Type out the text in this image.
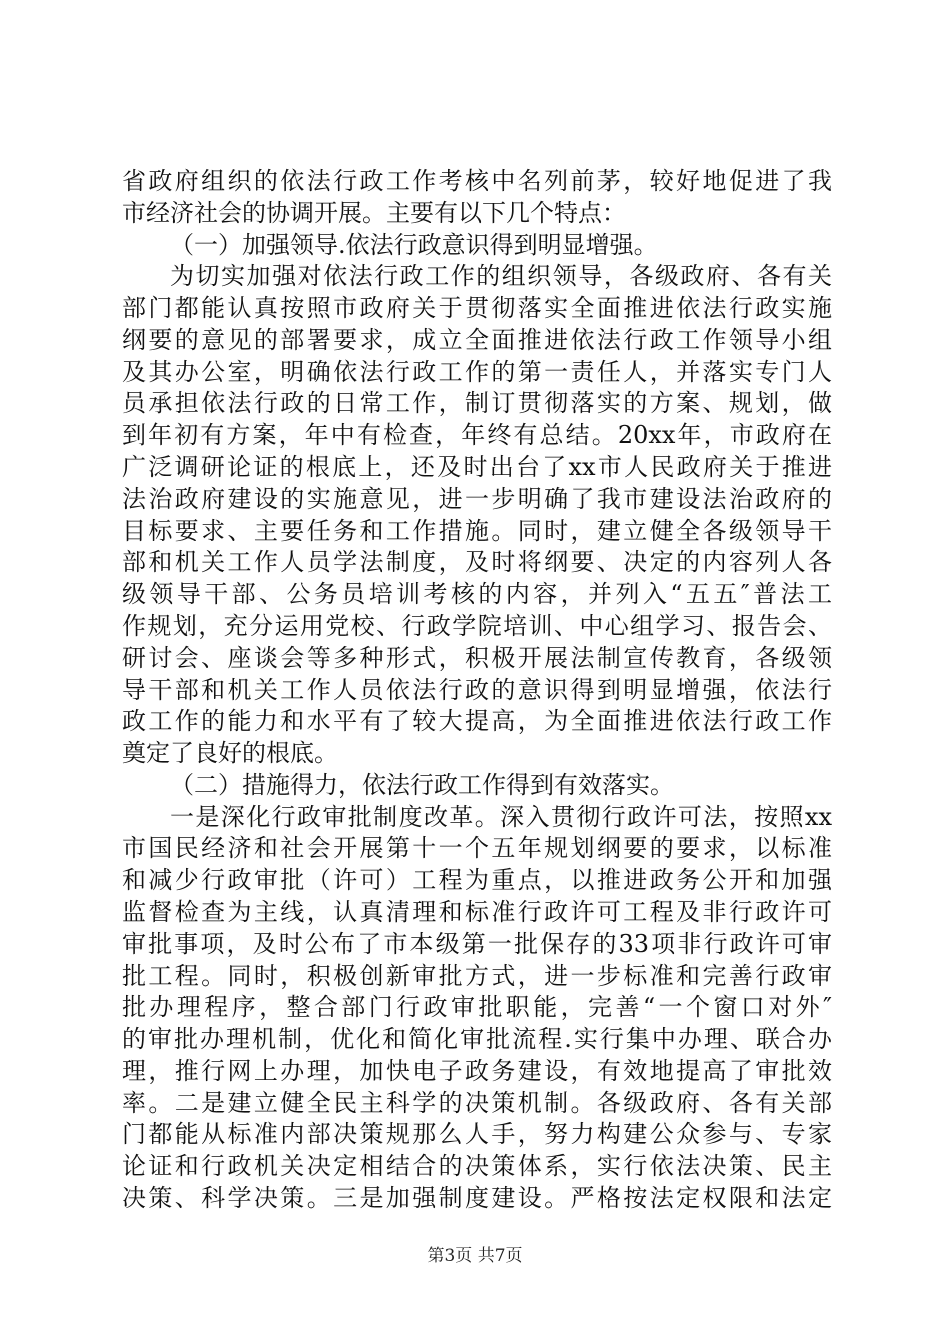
省政府组织的依法行政工作考核中名列前茅，较好地促进了我
市经济社会的协调开展。主要有以下几个特点：
（一）加强领导.依法行政意识得到明显增强。
为切实加强对依法行政工作的组织领导，各级政府、各有关
部门都能认真按照市政府关于贯彻落实全面推进依法行政实施
纲要的意见的部署要求，成立全面推进依法行政工作领导小组
及其办公室，明确依法行政工作的第一责任人，并落实专门人
员承担依法行政的日常工作，制订贯彻落实的方案、规划，做
到年初有方案，年中有检查，年终有总结。20xx年，市政府在
广泛调研论证的根底上，还及时出台了xx市人民政府关于推进
法治政府建设的实施意见，进一步明确了我市建设法治政府的
目标要求、主要任务和工作措施。同时，建立健全各级领导干
部和机关工作人员学法制度，及时将纲要、决定的内容列人各
级领导干部、公务员培训考核的内容，并列入“五五″普法工
作规划，充分运用党校、行政学院培训、中心组学习、报告会、
研讨会、座谈会等多种形式，积极开展法制宣传教育，各级领
导干部和机关工作人员依法行政的意识得到明显增强，依法行
政工作的能力和水平有了较大提高，为全面推进依法行政工作
奠定了良好的根底。
（二）措施得力，依法行政工作得到有效落实。
一是深化行政审批制度改革。深入贯彻行政许可法，按照xx
市国民经济和社会开展第十一个五年规划纲要的要求，以标准
和减少行政审批（许可）工程为重点，以推进政务公开和加强
监督检查为主线，认真清理和标准行政许可工程及非行政许可
审批事项，及时公布了市本级第一批保存的33项非行政许可审
批工程。同时，积极创新审批方式，进一步标准和完善行政审
批办理程序，整合部门行政审批职能，完善“一个窗口对外″
的审批办理机制，优化和简化审批流程.实行集中办理、联合办
理，推行网上办理，加快电子政务建设，有效地提高了审批效
率。二是建立健全民主科学的决策机制。各级政府、各有关部
门都能从标准内部决策规那么人手，努力构建公众参与、专家
论证和行政机关决定相结合的决策体系，实行依法决策、民主
决策、科学决策。三是加强制度建设。严格按法定权限和法定
第3页 共7页
